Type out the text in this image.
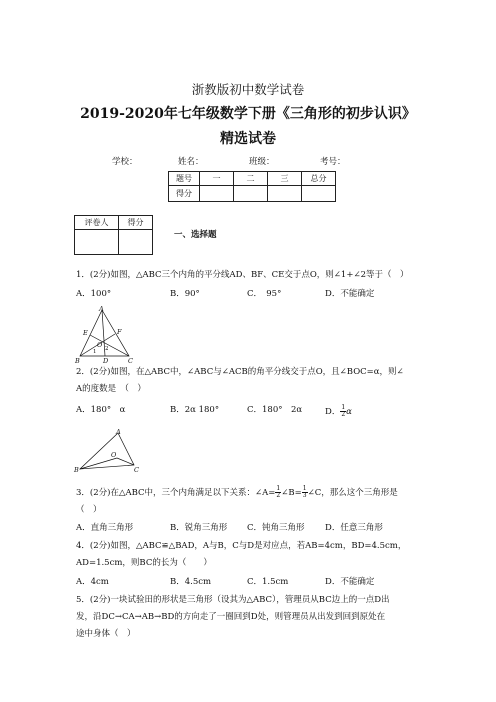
浙教版初中数学试卷
2019-2020年七年级数学下册《三角形的初步认识》
精选试卷
学校：	姓名：	班级：	考号：
题号	一	二	三	总分
得分				
评卷人	得分

一、选择题
1．(2分)如图，△ABC三个内角的平分线AD、BF、CE交于点O，则∠1+∠2等于（　）
A．100°	B．90°	C．　95°	D．不能确定
A
E	F
O
1 2
B	D	C
2．(2分)如图，在△ABC中，∠ABC与∠ACB的角平分线交于点O，且∠BOC=α，则∠
A的度数是　（　）
A．180°　α	B．2α 180°	C．180°　2α	D． $\frac{1}{2}$ α
A
O
B	C
3．(2分)在△ABC中，三个内角满足以下关系：∠A= $\frac{1}{2}$ ∠B= $\frac{1}{3}$ ∠C，那么这个三角形是
（　）
A．直角三角形	B．锐角三角形 C．钝角三角形 D．任意三角形
4．(2分)如图，△ABC≌△BAD，A与B，C与D是对应点，若AB=4cm，BD=4.5cm，
AD=1.5cm，则BC的长为（　　）
A．4cm	B．4.5cm	C．1.5cm	D．不能确定
5．(2分)一块试验田的形状是三角形（设其为△ABC），管理员从BC边上的一点D出
发，沿DC→CA→AB→BD的方向走了一圈回到D处，则管理员从出发到回到原处在
途中身体（　）
